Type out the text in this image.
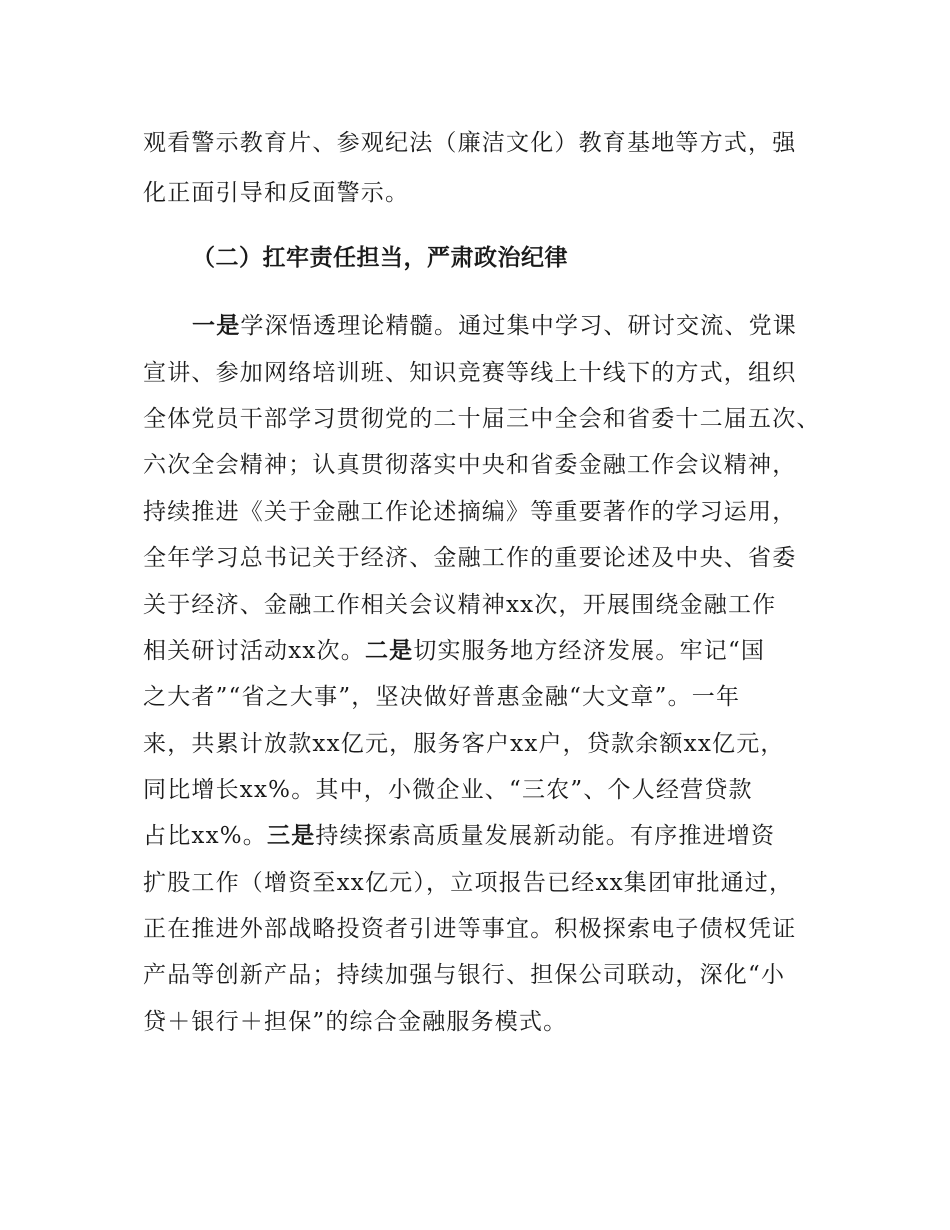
观看警示教育片、参观纪法（廉洁文化）教育基地等方式，强
化正面引导和反面警示。
（二）扛牢责任担当，严肃政治纪律
一是学深悟透理论精髓。通过集中学习、研讨交流、党课
宣讲、参加网络培训班、知识竞赛等线上十线下的方式，组织
全体党员干部学习贯彻党的二十届三中全会和省委十二届五次、
六次全会精神；认真贯彻落实中央和省委金融工作会议精神，
持续推进《关于金融工作论述摘编》等重要著作的学习运用，
全年学习总书记关于经济、金融工作的重要论述及中央、省委
关于经济、金融工作相关会议精神xx次，开展围绕金融工作
相关研讨活动xx次。二是切实服务地方经济发展。牢记“国
之大者”“省之大事”，坚决做好普惠金融“大文章”。一年
来，共累计放款xx亿元，服务客户xx户，贷款余额xx亿元，
同比增长xx%。其中，小微企业、“三农”、个人经营贷款
占比xx%。三是持续探索高质量发展新动能。有序推进增资
扩股工作（增资至xx亿元），立项报告已经xx集团审批通过，
正在推进外部战略投资者引进等事宜。积极探索电子债权凭证
产品等创新产品；持续加强与银行、担保公司联动，深化“小
贷＋银行＋担保”的综合金融服务模式。
